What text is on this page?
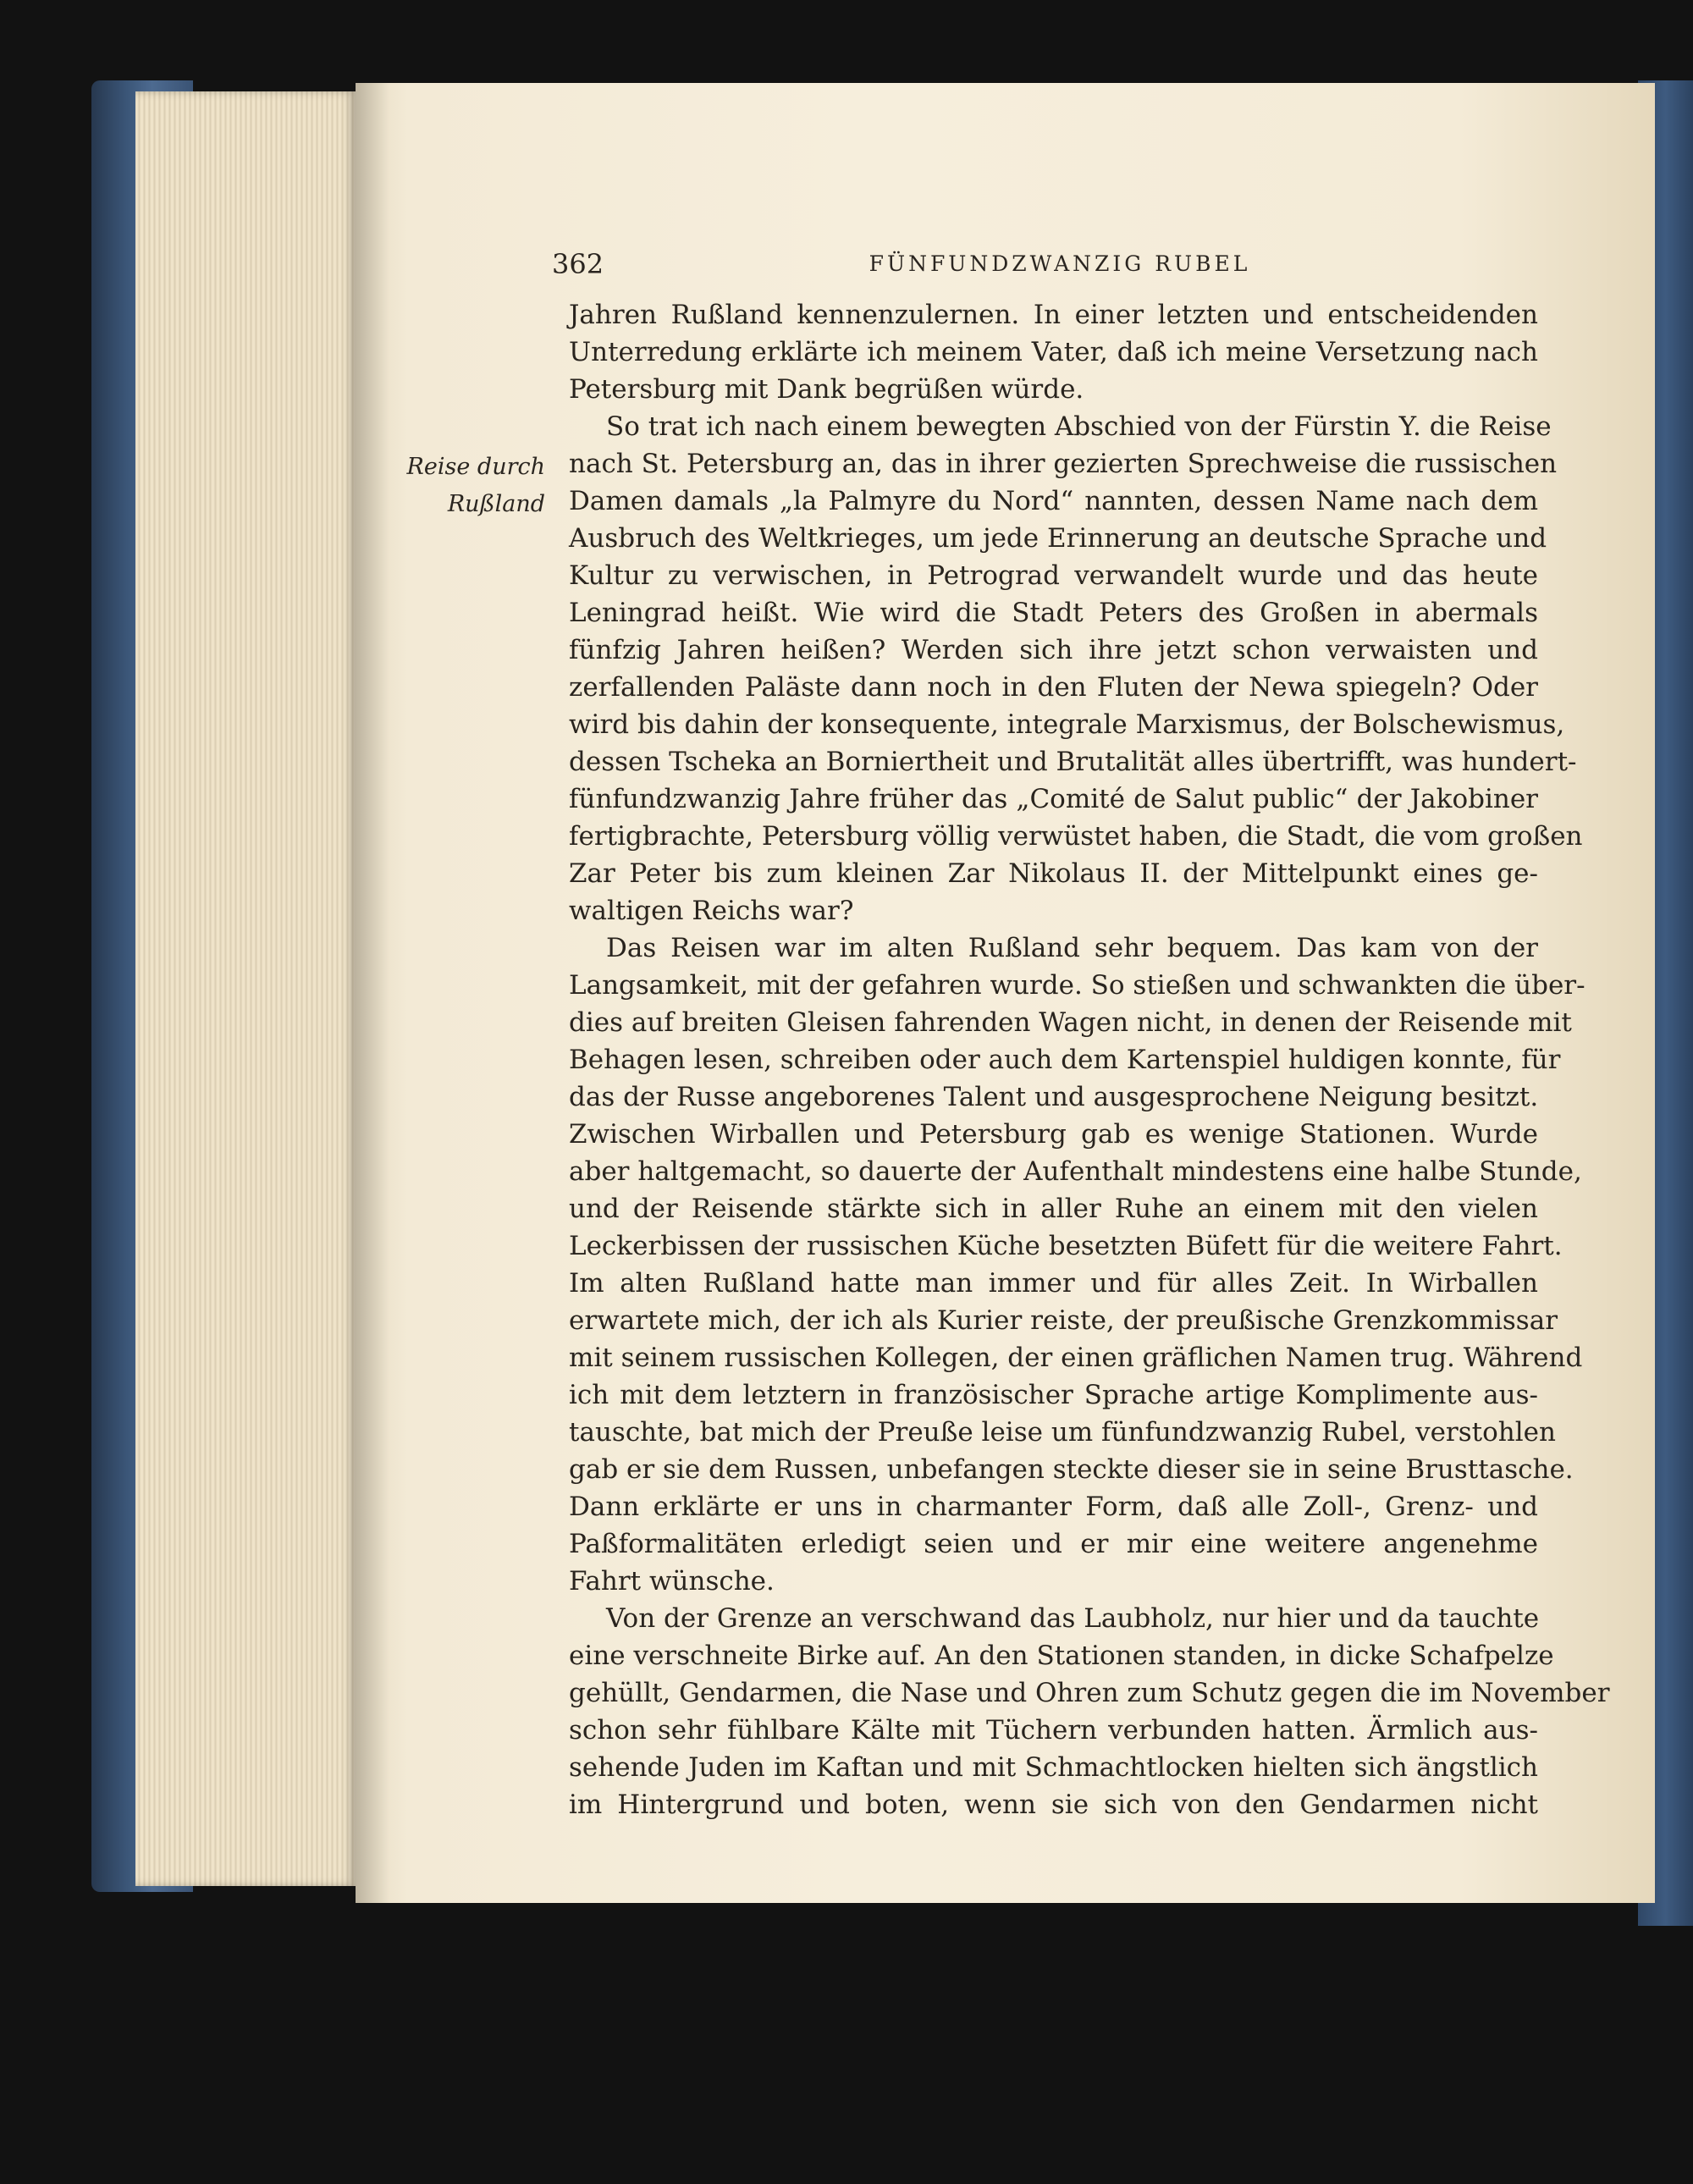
362	FÜNFUNDZWANZIG RUBEL
Reise durch
Rußland
Jahren Rußland kennenzulernen. In einer letzten und entscheidenden
Unterredung erklärte ich meinem Vater, daß ich meine Versetzung nach
Petersburg mit Dank begrüßen würde.
So trat ich nach einem bewegten Abschied von der Fürstin Y. die Reise
nach St. Petersburg an, das in ihrer gezierten Sprechweise die russischen
Damen damals „la Palmyre du Nord“ nannten, dessen Name nach dem
Ausbruch des Weltkrieges, um jede Erinnerung an deutsche Sprache und
Kultur zu verwischen, in Petrograd verwandelt wurde und das heute
Leningrad heißt. Wie wird die Stadt Peters des Großen in abermals
fünfzig Jahren heißen? Werden sich ihre jetzt schon verwaisten und
zerfallenden Paläste dann noch in den Fluten der Newa spiegeln? Oder
wird bis dahin der konsequente, integrale Marxismus, der Bolschewismus,
dessen Tscheka an Borniertheit und Brutalität alles übertrifft, was hundert-
fünfundzwanzig Jahre früher das „Comité de Salut public“ der Jakobiner
fertigbrachte, Petersburg völlig verwüstet haben, die Stadt, die vom großen
Zar Peter bis zum kleinen Zar Nikolaus II. der Mittelpunkt eines ge-
waltigen Reichs war?
Das Reisen war im alten Rußland sehr bequem. Das kam von der
Langsamkeit, mit der gefahren wurde. So stießen und schwankten die über-
dies auf breiten Gleisen fahrenden Wagen nicht, in denen der Reisende mit
Behagen lesen, schreiben oder auch dem Kartenspiel huldigen konnte, für
das der Russe angeborenes Talent und ausgesprochene Neigung besitzt.
Zwischen Wirballen und Petersburg gab es wenige Stationen. Wurde
aber haltgemacht, so dauerte der Aufenthalt mindestens eine halbe Stunde,
und der Reisende stärkte sich in aller Ruhe an einem mit den vielen
Leckerbissen der russischen Küche besetzten Büfett für die weitere Fahrt.
Im alten Rußland hatte man immer und für alles Zeit. In Wirballen
erwartete mich, der ich als Kurier reiste, der preußische Grenzkommissar
mit seinem russischen Kollegen, der einen gräflichen Namen trug. Während
ich mit dem letztern in französischer Sprache artige Komplimente aus-
tauschte, bat mich der Preuße leise um fünfundzwanzig Rubel, verstohlen
gab er sie dem Russen, unbefangen steckte dieser sie in seine Brusttasche.
Dann erklärte er uns in charmanter Form, daß alle Zoll-, Grenz- und
Paßformalitäten erledigt seien und er mir eine weitere angenehme
Fahrt wünsche.
Von der Grenze an verschwand das Laubholz, nur hier und da tauchte
eine verschneite Birke auf. An den Stationen standen, in dicke Schafpelze
gehüllt, Gendarmen, die Nase und Ohren zum Schutz gegen die im November
schon sehr fühlbare Kälte mit Tüchern verbunden hatten. Ärmlich aus-
sehende Juden im Kaftan und mit Schmachtlocken hielten sich ängstlich
im Hintergrund und boten, wenn sie sich von den Gendarmen nicht
